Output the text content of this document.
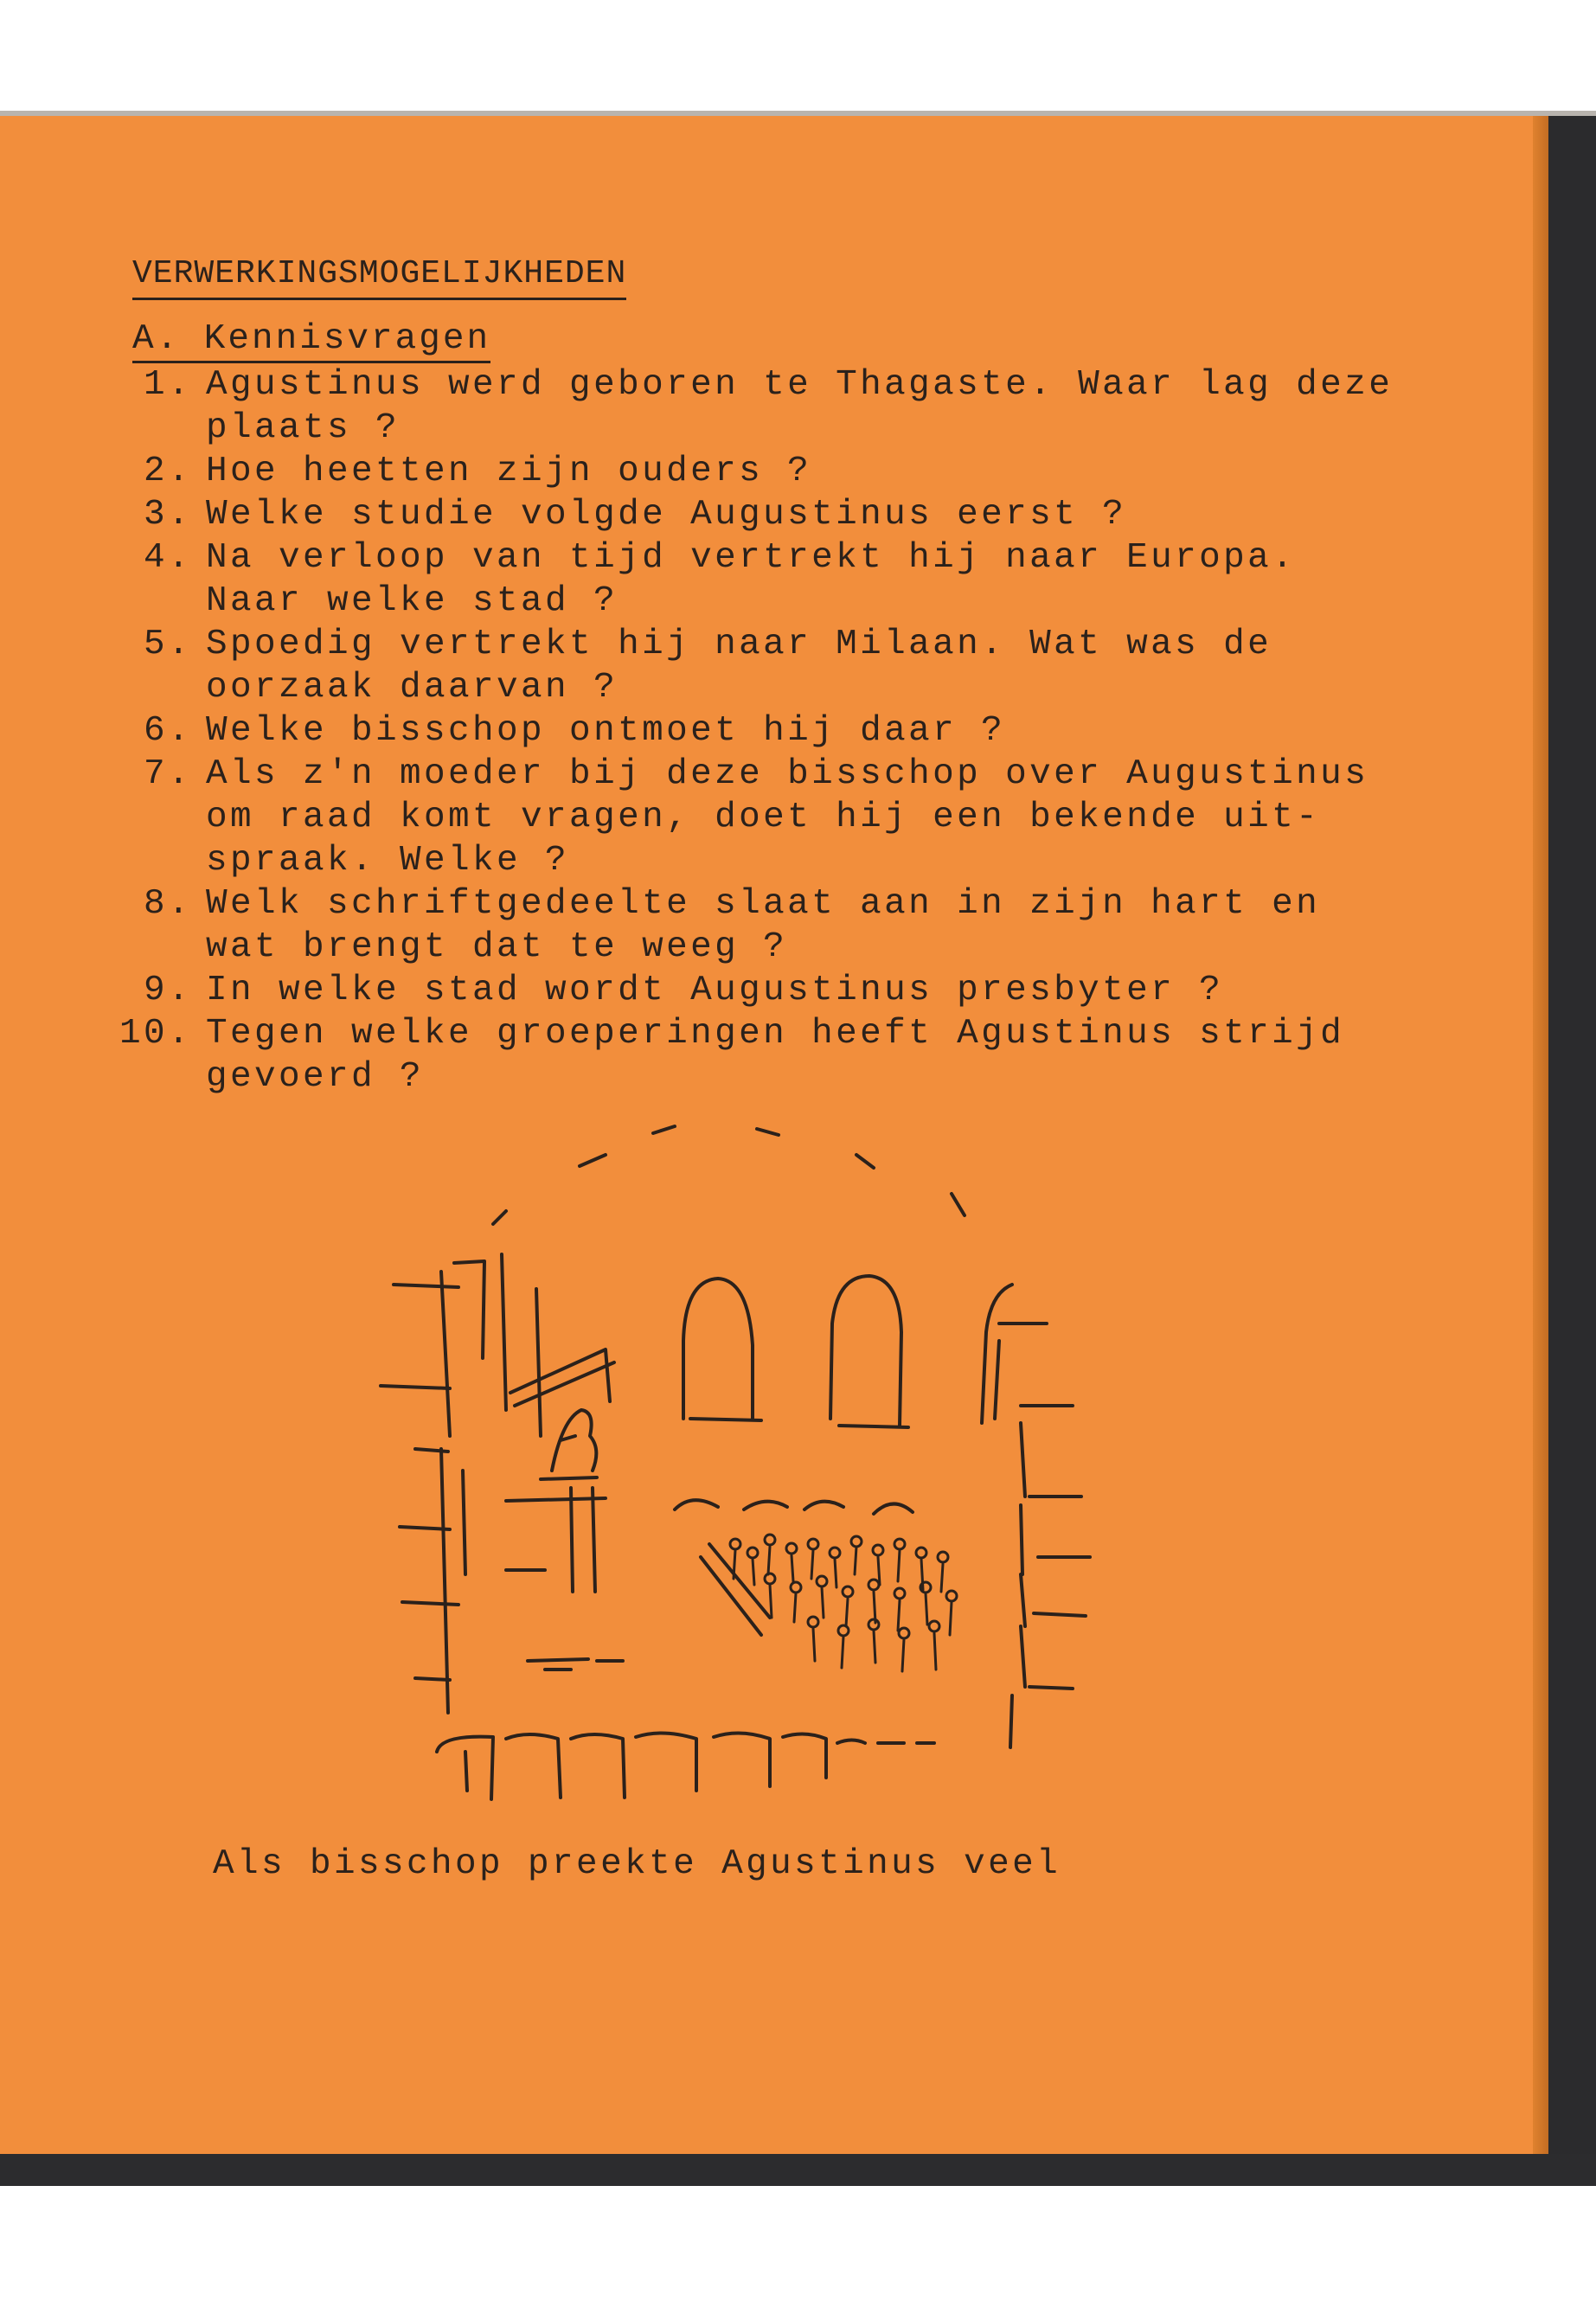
VERWERKINGSMOGELIJKHEDEN
A. Kennisvragen
1. Agustinus werd geboren te Thagaste. Waar lag deze
plaats ?
2. Hoe heetten zijn ouders ?
3. Welke studie volgde Augustinus eerst ?
4. Na verloop van tijd vertrekt hij naar Europa.
Naar welke stad ?
5. Spoedig vertrekt hij naar Milaan. Wat was de
oorzaak daarvan ?
6. Welke bisschop ontmoet hij daar ?
7. Als z'n moeder bij deze bisschop over Augustinus
om raad komt vragen, doet hij een bekende uit-
spraak. Welke ?
8. Welk schriftgedeelte slaat aan in zijn hart en
wat brengt dat te weeg ?
9. In welke stad wordt Augustinus presbyter ?
10. Tegen welke groeperingen heeft Agustinus strijd
gevoerd ?
Als bisschop preekte Agustinus veel
